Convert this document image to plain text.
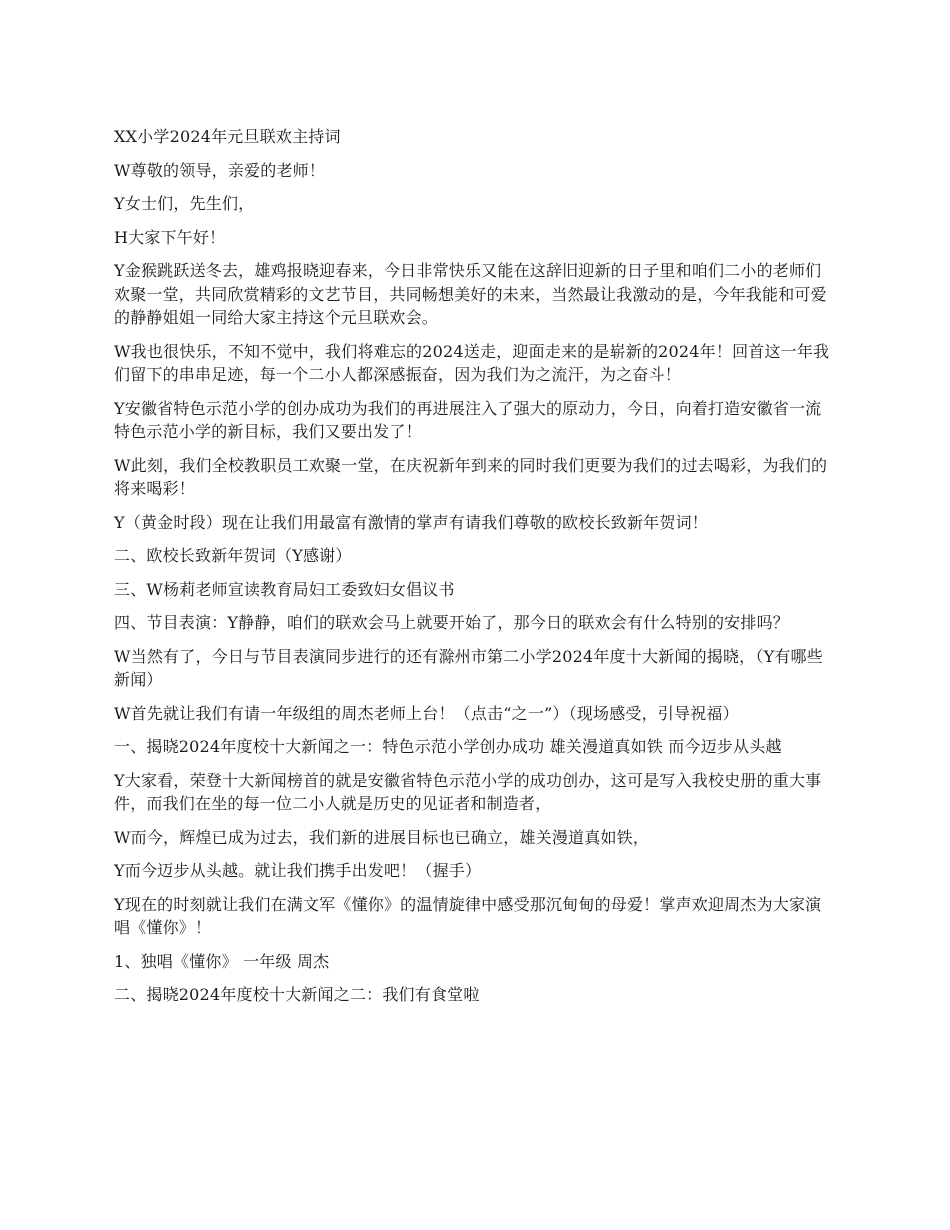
XX小学2024年元旦联欢主持词

W尊敬的领导，亲爱的老师！

Y女士们，先生们，

H大家下午好！

Y金猴跳跃送冬去，雄鸡报晓迎春来，今日非常快乐又能在这辞旧迎新的日子里和咱们二小的老师们欢聚一堂，共同欣赏精彩的文艺节目，共同畅想美好的未来，当然最让我激动的是，今年我能和可爱的静静姐姐一同给大家主持这个元旦联欢会。

W我也很快乐，不知不觉中，我们将难忘的2024送走，迎面走来的是崭新的2024年！回首这一年我们留下的串串足迹，每一个二小人都深感振奋，因为我们为之流汗，为之奋斗！

Y安徽省特色示范小学的创办成功为我们的再进展注入了强大的原动力，今日，向着打造安徽省一流特色示范小学的新目标，我们又要出发了！

W此刻，我们全校教职员工欢聚一堂，在庆祝新年到来的同时我们更要为我们的过去喝彩，为我们的将来喝彩！

Y（黄金时段）现在让我们用最富有激情的掌声有请我们尊敬的欧校长致新年贺词！

二、欧校长致新年贺词（Y感谢）

三、W杨莉老师宣读教育局妇工委致妇女倡议书

四、节目表演：Y静静，咱们的联欢会马上就要开始了，那今日的联欢会有什么特别的安排吗？

W当然有了，今日与节目表演同步进行的还有滁州市第二小学2024年度十大新闻的揭晓，（Y有哪些新闻）

W首先就让我们有请一年级组的周杰老师上台！（点击“之一”）（现场感受，引导祝福）

一、揭晓2024年度校十大新闻之一：特色示范小学创办成功 雄关漫道真如铁 而今迈步从头越

Y大家看，荣登十大新闻榜首的就是安徽省特色示范小学的成功创办，这可是写入我校史册的重大事件，而我们在坐的每一位二小人就是历史的见证者和制造者，

W而今，辉煌已成为过去，我们新的进展目标也已确立，雄关漫道真如铁，

Y而今迈步从头越。就让我们携手出发吧！（握手）

Y现在的时刻就让我们在满文军《懂你》的温情旋律中感受那沉甸甸的母爱！掌声欢迎周杰为大家演唱《懂你》！

1、独唱《懂你》 一年级 周杰

二、揭晓2024年度校十大新闻之二：我们有食堂啦
